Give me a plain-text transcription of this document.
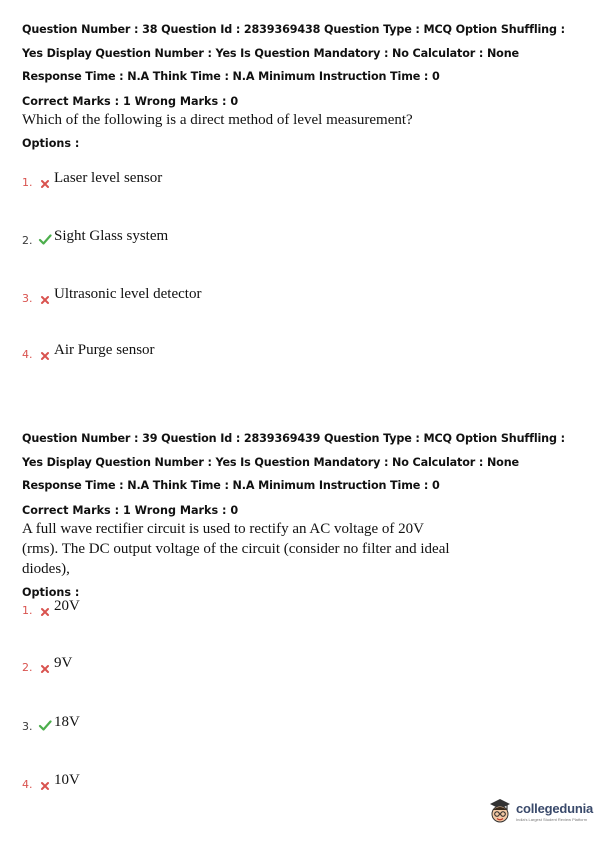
Question Number : 38 Question Id : 2839369438 Question Type : MCQ Option Shuffling : Yes Display Question Number : Yes Is Question Mandatory : No Calculator : None Response Time : N.A Think Time : N.A Minimum Instruction Time : 0

Correct Marks : 1 Wrong Marks : 0
Which of the following is a direct method of level measurement?
Options :
1.	Laser level sensor
2.	Sight Glass system
3.	Ultrasonic level detector
4.	Air Purge sensor

Question Number : 39 Question Id : 2839369439 Question Type : MCQ Option Shuffling : Yes Display Question Number : Yes Is Question Mandatory : No Calculator : None Response Time : N.A Think Time : N.A Minimum Instruction Time : 0

Correct Marks : 1 Wrong Marks : 0
A full wave rectifier circuit is used to rectify an AC voltage of 20V (rms). The DC output voltage of the circuit (consider no filter and ideal diodes),
Options :
1.	20V
2.	9V
3.	18V
4.	10V
collegedunia
India's Largest Student Review Platform
